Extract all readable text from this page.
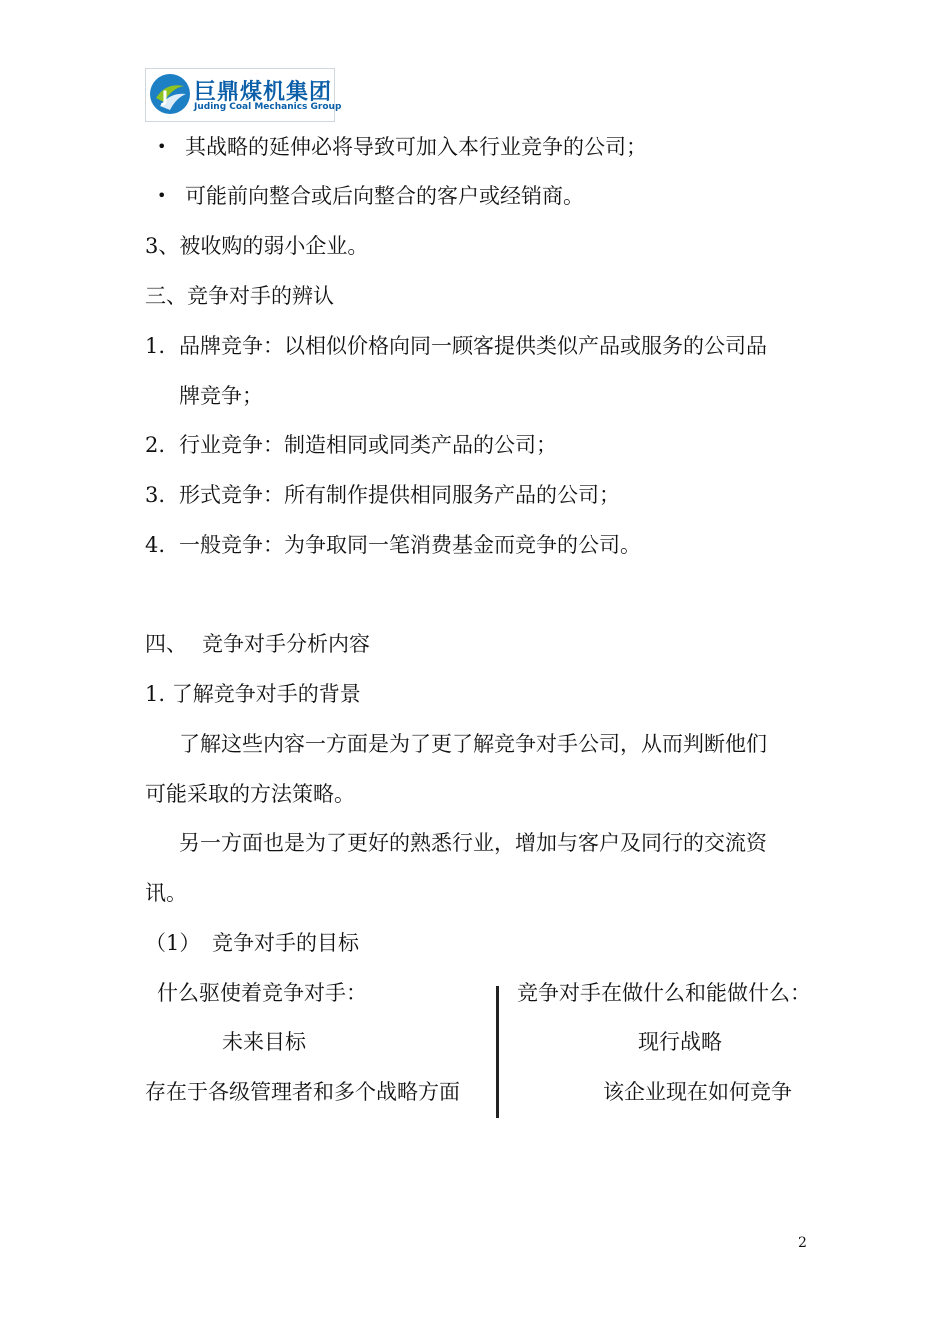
J 巨鼎煤机集团
Juding Coal Mechanics Group
• 其战略的延伸必将导致可加入本行业竞争的公司；
• 可能前向整合或后向整合的客户或经销商。
3、被收购的弱小企业。
三、竞争对手的辨认
1. 品牌竞争：以相似价格向同一顾客提供类似产品或服务的公司品
牌竞争；
2. 行业竞争：制造相同或同类产品的公司；
3. 形式竞争：所有制作提供相同服务产品的公司；
4. 一般竞争：为争取同一笔消费基金而竞争的公司。
四、 竞争对手分析内容
1. 了解竞争对手的背景
了解这些内容一方面是为了更了解竞争对手公司，从而判断他们
可能采取的方法策略。
另一方面也是为了更好的熟悉行业，增加与客户及同行的交流资
讯。
（1） 竞争对手的目标
什么驱使着竞争对手：
未来目标
存在于各级管理者和多个战略方面
竞争对手在做什么和能做什么：
现行战略
该企业现在如何竞争
2
